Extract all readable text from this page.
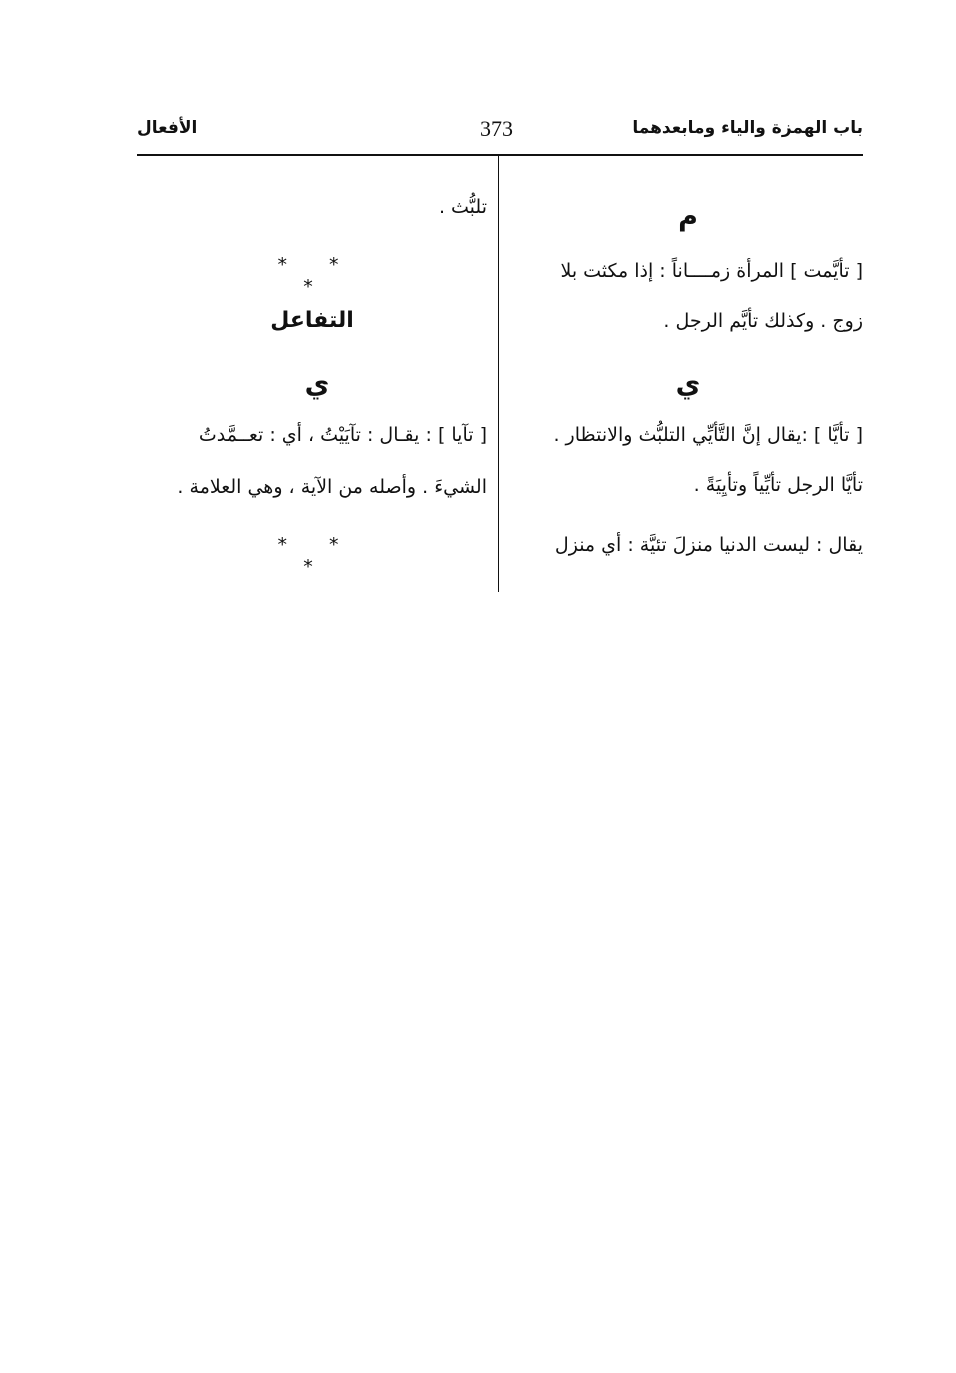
باب الهمزة والياء ومابعدهما
373
الأفعال
م
[ تأيَّمت ] المرأة زمــــاناً : إذا مكثت بلا
زوج . وكذلك تأيَّم الرجل .
ي
[ تأيَّا ] :يقال إنَّ التَّأيِّي التلبُّث والانتظار .
تأيَّا الرجل تأيِّياً وتأيِيَةً .
يقال : ليست الدنيا منزلَ تئيَّة : أي منزل
تلبُّث .
* * *
التفاعل
ي
[ تآيا ] : يقـال : تآيَيْتُ ، أي : تعــمَّدتُ
الشيءَ . وأصله من الآية ، وهي العلامة .
* * *
